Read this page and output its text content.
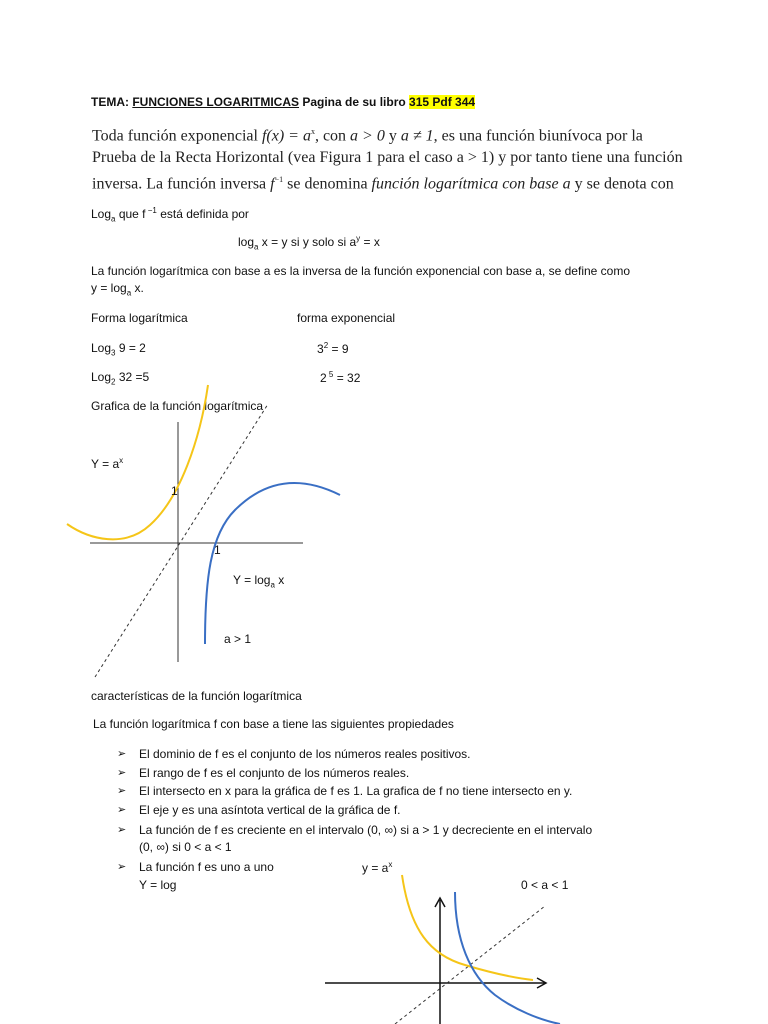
TEMA: FUNCIONES LOGARITMICAS Pagina de su libro 315 Pdf 344
Toda función exponencial $f(x) = a^x$, con a > 0 y a ≠ 1, es una función biunívoca por la
Prueba de la Recta Horizontal (vea Figura 1 para el caso a > 1) y por tanto tiene una función
inversa. La función inversa $f^{-1}$ se denomina función logarítmica con base a y se denota con
Log$_a$ que f $^{-1}$ está definida por
$\log_a x = y$ si y solo si $a^y = x$
La función logarítmica con base a es la inversa de la función exponencial con base a, se define como
$y = \log_a x$.
Forma logarítmica	forma exponencial
Log$_3$ 9 = 2	$3^2 = 9$
Log$_2$ 32 =5	2 $^5$ = 32
Grafica de la función logarítmica
$Y = a^x$
1
1
$Y = \log_a x$
a > 1
características de la función logarítmica
La función logarítmica f con base a tiene las siguientes propiedades
➢ El dominio de f es el conjunto de los números reales positivos.
➢ El rango de f es el conjunto de los números reales.
➢ El intersecto en x para la gráfica de f es 1. La grafica de f no tiene intersecto en y.
➢ El eje y es una asíntota vertical de la gráfica de f.
➢ La función de f es creciente en el intervalo (0, ∞) si a > 1 y decreciente en el intervalo
(0, ∞) si 0 < a < 1
➢ La función f es uno a uno	$y = a^x$
Y = log	0 < a < 1
